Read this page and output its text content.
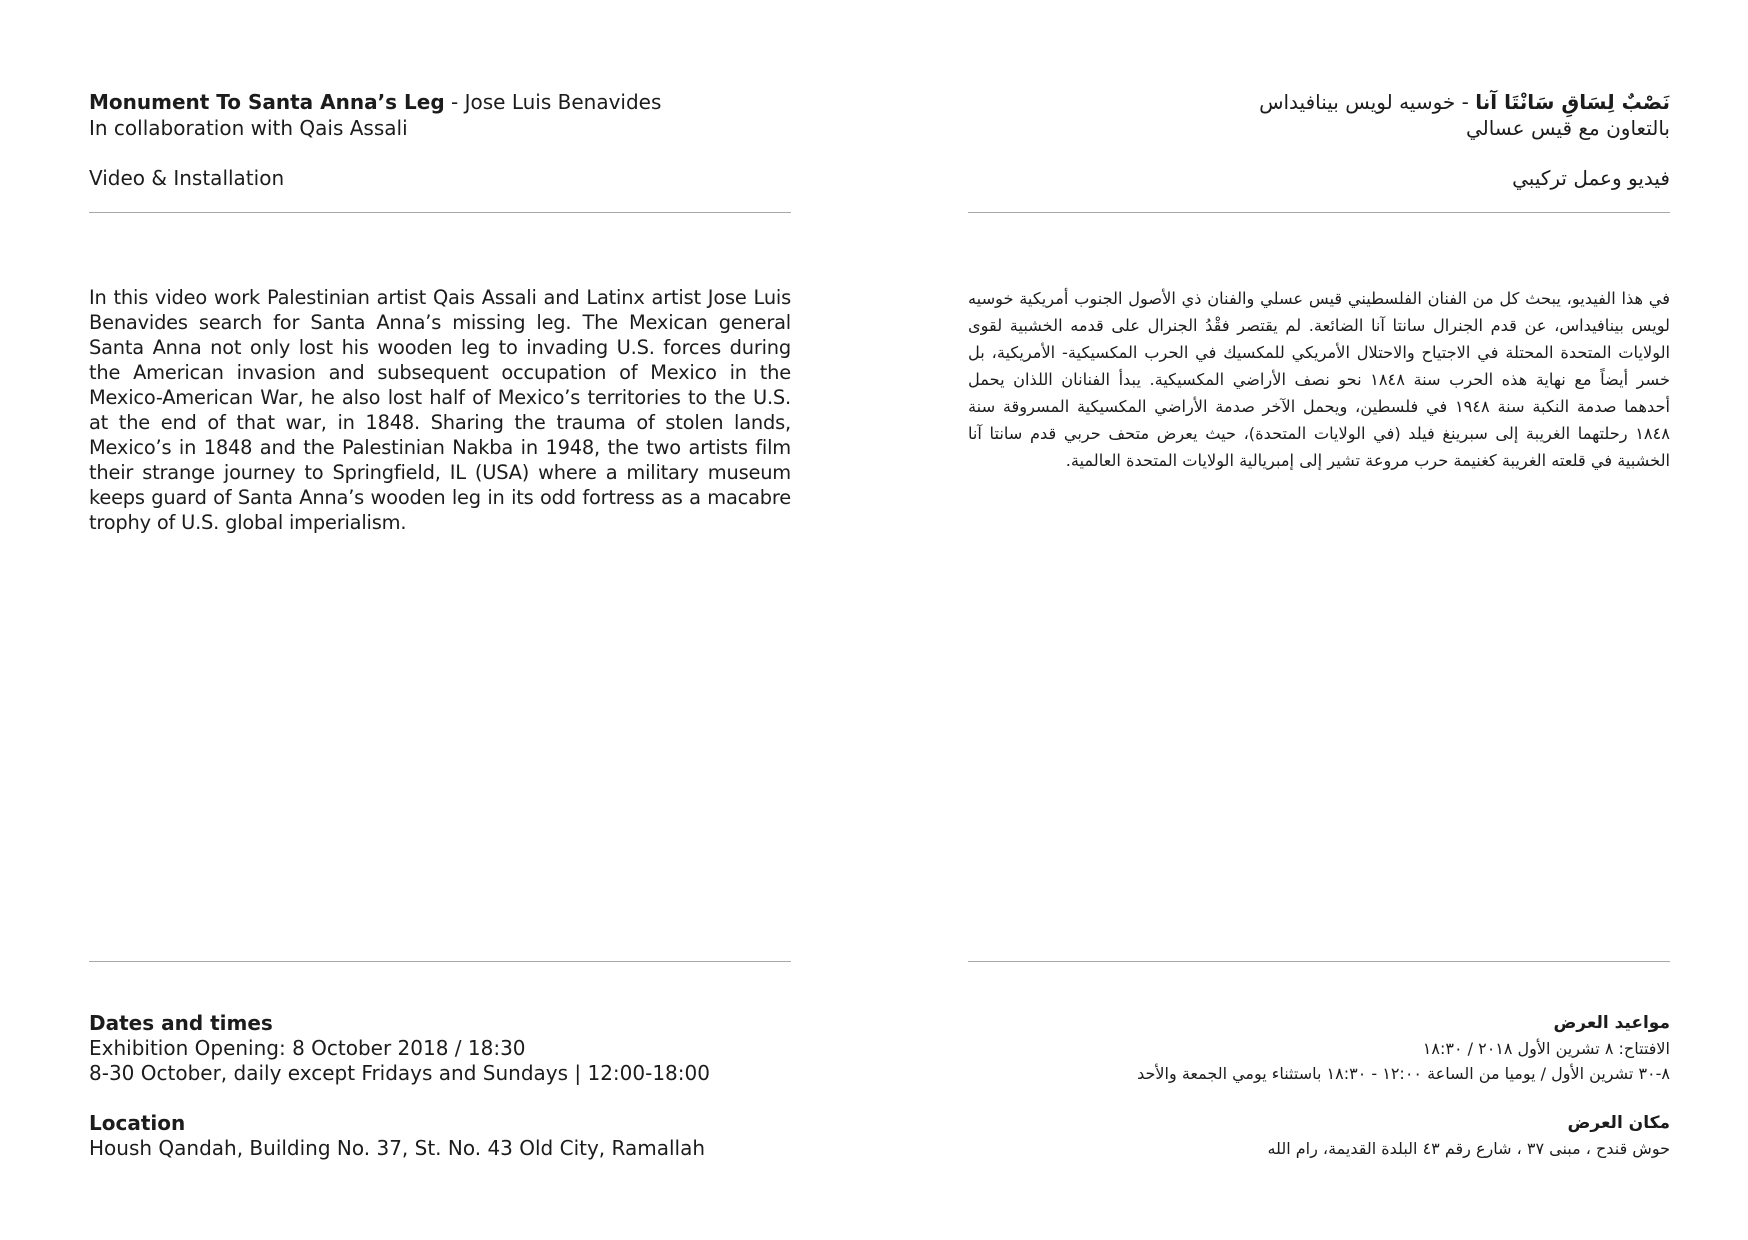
Monument To Santa Anna’s Leg - Jose Luis Benavides
In collaboration with Qais Assali
Video & Installation

In this video work Palestinian artist Qais Assali and Latinx artist Jose Luis Benavides search for Santa Anna’s missing leg. The Mexican general Santa Anna not only lost his wooden leg to invading U.S. forces during the American invasion and subsequent occupation of Mexico in the Mexico-American War, he also lost half of Mexico’s territories to the U.S. at the end of that war, in 1848. Sharing the trauma of stolen lands, Mexico’s in 1848 and the Palestinian Nakba in 1948, the two artists film their strange journey to Springfield, IL (USA) where a military museum keeps guard of Santa Anna’s wooden leg in its odd fortress as a macabre trophy of U.S. global imperialism.

Dates and times
Exhibition Opening: 8 October 2018 / 18:30
8-30 October, daily except Fridays and Sundays | 12:00-18:00
Location
Housh Qandah, Building No. 37, St. No. 43 Old City, Ramallah
نَصْبٌ لِسَاقِ سَانْتَا آنا - خوسيه لويس بينافيداس
بالتعاون مع قيس عسالي
فيديو وعمل تركيبي

في هذا الفيديو، يبحث كل من الفنان الفلسطيني قيس عسلي والفنان ذي الأصول الجنوب أمريكية خوسيه لويس بينافيداس، عن قدم الجنرال سانتا آنا الضائعة. لم يقتصر فقْدُ الجنرال على قدمه الخشبية لقوى الولايات المتحدة المحتلة في الاجتياح والاحتلال الأمريكي للمكسيك في الحرب المكسيكية- الأمريكية، بل خسر أيضاً مع نهاية هذه الحرب سنة ١٨٤٨ نحو نصف الأراضي المكسيكية. يبدأ الفنانان اللذان يحمل أحدهما صدمة النكبة سنة ١٩٤٨ في فلسطين، ويحمل الآخر صدمة الأراضي المكسيكية المسروقة سنة ١٨٤٨ رحلتهما الغريبة إلى سبرينغ فيلد (في الولايات المتحدة)، حيث يعرض متحف حربي قدم سانتا آنا الخشبية في قلعته الغريبة كغنيمة حرب مروعة تشير إلى إمبريالية الولايات المتحدة العالمية.

مواعيد العرض
الافتتاح: ٨ تشرين الأول ٢٠١٨ / ١٨:٣٠
٨-٣٠ تشرين الأول / يوميا من الساعة ١٢:٠٠ - ١٨:٣٠ باستثناء يومي الجمعة والأحد
مكان العرض
حوش قندح ، مبنى ٣٧ ، شارع رقم ٤٣ البلدة القديمة، رام الله
